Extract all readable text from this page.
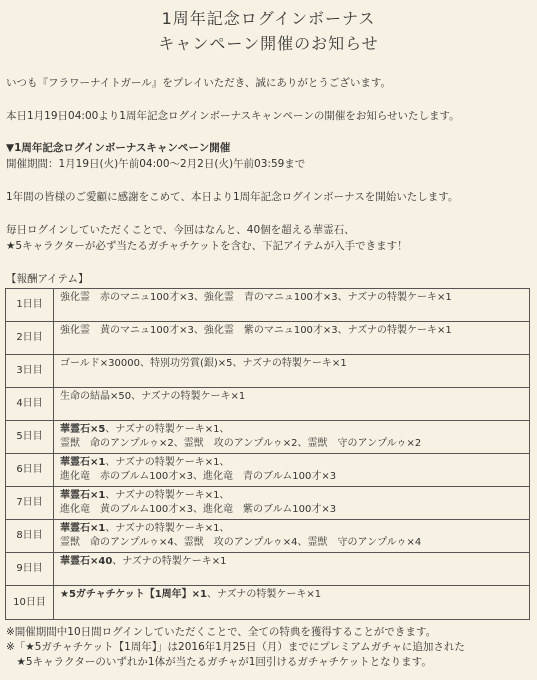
1周年記念ログインボーナス
キャンペーン開催のお知らせ
いつも『フラワーナイトガール』をプレイいただき、誠にありがとうございます。
本日1月19日04:00より1周年記念ログインボーナスキャンペーンの開催をお知らせいたします。
▼1周年記念ログインボーナスキャンペーン開催
開催期間：1月19日(火)午前04:00～2月2日(火)午前03:59まで
1年間の皆様のご愛顧に感謝をこめて、本日より1周年記念ログインボーナスを開始いたします。
毎日ログインしていただくことで、今回はなんと、40個を超える華霊石、
★5キャラクターが必ず当たるガチャチケットを含む、下記アイテムが入手できます！
【報酬アイテム】
1日目	強化霊　赤のマニュ100才×3、強化霊　青のマニュ100才×3、ナズナの特製ケーキ×1

2日目	強化霊　黄のマニュ100才×3、強化霊　紫のマニュ100才×3、ナズナの特製ケーキ×1

3日目	ゴールド×30000、特別功労賞(銀)×5、ナズナの特製ケーキ×1

4日目	生命の結晶×50、ナズナの特製ケーキ×1

5日目	華霊石×5、ナズナの特製ケーキ×1、
霊獣　命のアンプルゥ×2、霊獣　攻のアンプルゥ×2、霊獣　守のアンプルゥ×2

6日目	華霊石×1、ナズナの特製ケーキ×1、
進化竜　赤のブルム100才×3、進化竜　青のブルム100才×3

7日目	華霊石×1、ナズナの特製ケーキ×1、
進化竜　黄のブルム100才×3、進化竜　紫のブルム100才×3

8日目	華霊石×1、ナズナの特製ケーキ×1、
霊獣　命のアンプルゥ×4、霊獣　攻のアンプルゥ×4、霊獣　守のアンプルゥ×4

9日目	華霊石×40、ナズナの特製ケーキ×1

10日目	★5ガチャチケット【1周年】×1、ナズナの特製ケーキ×1
※開催期間中10日間ログインしていただくことで、全ての特典を獲得することができます。
※「★5ガチャチケット【1周年】」は2016年1月25日（月）までにプレミアムガチャに追加された
　★5キャラクターのいずれか1体が当たるガチャが1回引けるガチャチケットとなります。
